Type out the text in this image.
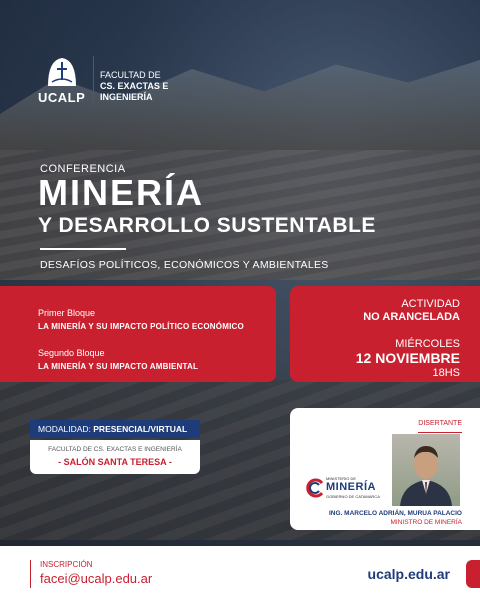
UCALP
FACULTAD DE
CS. EXACTAS E
INGENIERÍA
CONFERENCIA
MINERÍA
Y DESARROLLO SUSTENTABLE
DESAFÍOS POLÍTICOS, ECONÓMICOS Y AMBIENTALES
Primer Bloque
LA MINERÍA Y SU IMPACTO POLÍTICO ECONÓMICO
Segundo Bloque
LA MINERÍA Y SU IMPACTO AMBIENTAL
ACTIVIDAD
NO ARANCELADA
MIÉRCOLES
12 NOVIEMBRE
18HS
MODALIDAD: PRESENCIAL/VIRTUAL
FACULTAD DE CS. EXACTAS E INGENIERÍA
- SALÓN SANTA TERESA -
DISERTANTE
MINISTERIO DE
MINERÍA
GOBIERNO DE CATAMARCA
ING. MARCELO ADRIÁN, MURUA PALACIO
MINISTRO DE MINERÍA
INSCRIPCIÓN
facei@ucalp.edu.ar	ucalp.edu.ar
